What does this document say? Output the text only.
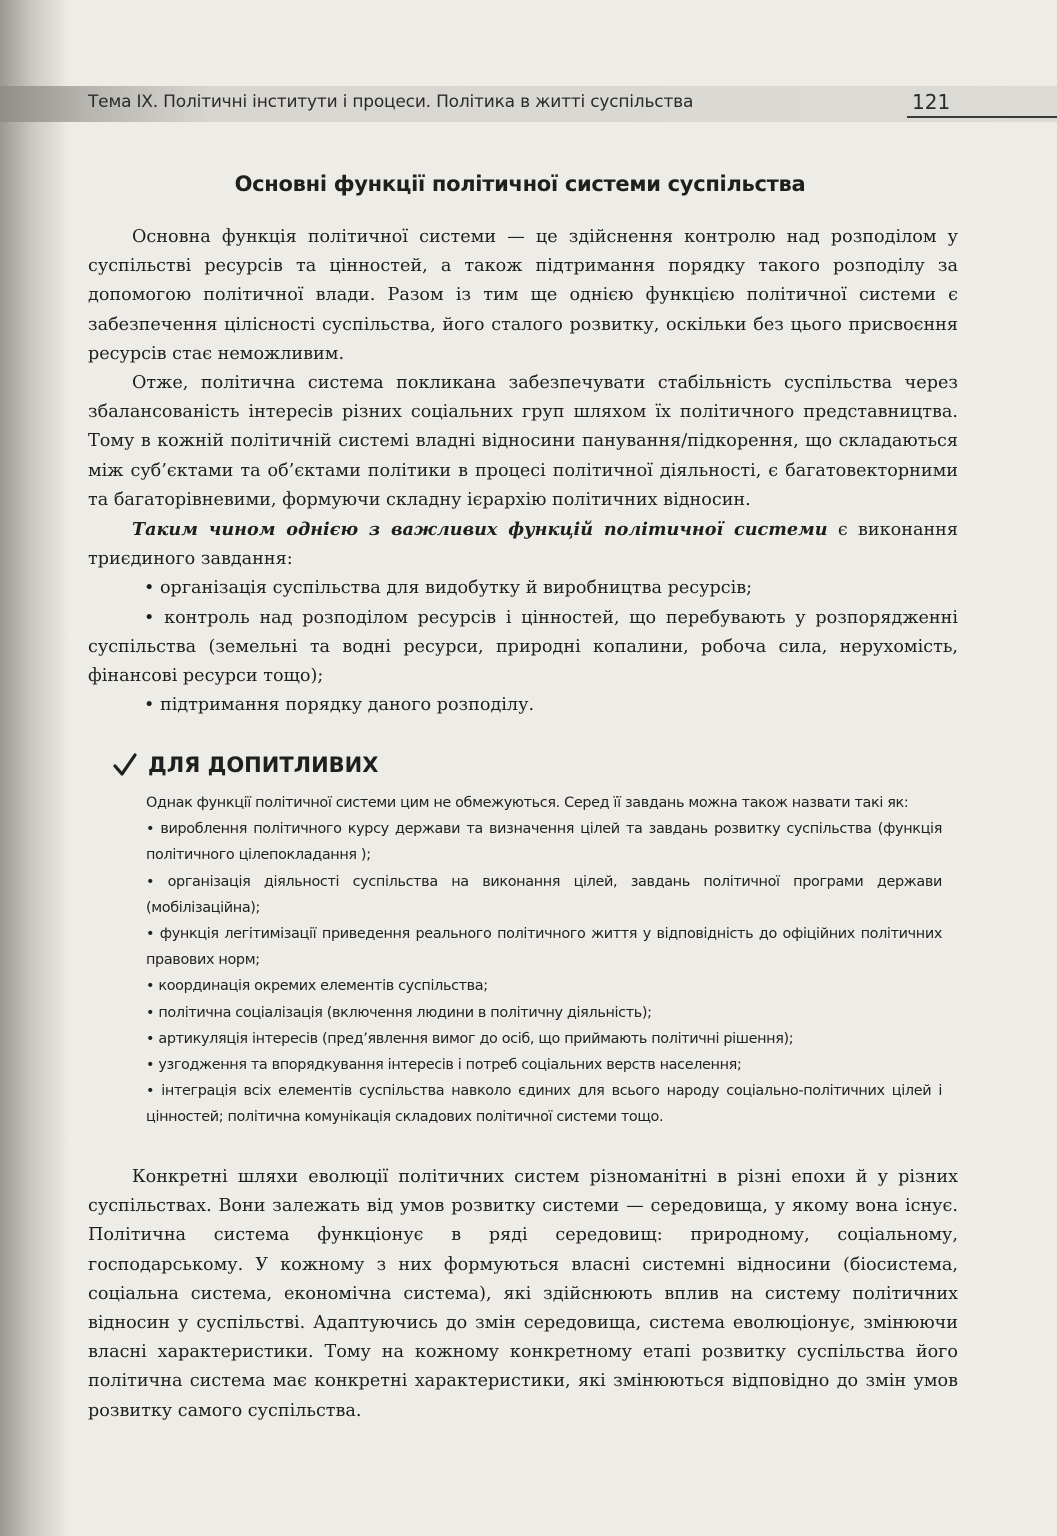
Тема IX. Політичні інститути і процеси. Політика в житті суспільства	121
Основні функції політичної системи суспільства

Основна функція політичної системи — це здійснення контролю над розподілом у суспільстві ресурсів та цінностей, а також підтримання порядку такого розподілу за допомогою політичної влади. Разом із тим ще однією функцією політичної системи є забезпечення цілісності суспільства, його сталого розвитку, оскільки без цього присвоєння ресурсів стає неможливим.

Отже, політична система покликана забезпечувати стабільність суспільства через збалансованість інтересів різних соціальних груп шляхом їх політичного представництва. Тому в кожній політичній системі владні відносини панування/підкорення, що складаються між суб’єктами та об’єктами політики в процесі політичної діяльності, є багатовекторними та багаторівневими, формуючи складну ієрархію політичних відносин.

Таким чином однією з важливих функцій політичної системи є виконання триєдиного завдання:

• організація суспільства для видобутку й виробництва ресурсів;

• контроль над розподілом ресурсів і цінностей, що перебувають у розпорядженні суспільства (земельні та водні ресурси, природні копалини, робоча сила, нерухомість, фінансові ресурси тощо);

• підтримання порядку даного розподілу.

ДЛЯ ДОПИТЛИВИХ

Однак функції політичної системи цим не обмежуються. Серед її завдань можна також назвати такі як:

• вироблення політичного курсу держави та визначення цілей та завдань розвитку суспільства (функція політичного цілепокладання );

• організація діяльності суспільства на виконання цілей, завдань політичної програми держави (мобілізаційна);

• функція легітимізації приведення реального політичного життя у відповідність до офіційних політичних правових норм;

• координація окремих елементів суспільства;

• політична соціалізація (включення людини в політичну діяльність);

• артикуляція інтересів (пред’явлення вимог до осіб, що приймають політичні рішення);

• узгодження та впорядкування інтересів і потреб соціальних верств населення;

• інтеграція всіх елементів суспільства навколо єдиних для всього народу соціально-політичних цілей і цінностей; політична комунікація складових політичної системи тощо.

Конкретні шляхи еволюції політичних систем різноманітні в різні епохи й у різних суспільствах. Вони залежать від умов розвитку системи — середовища, у якому вона існує. Політична система функціонує в ряді середовищ: природному, соціальному, господарському. У кожному з них формуються власні системні відносини (біосистема, соціальна система, економічна система), які здійснюють вплив на систему політичних відносин у суспільстві. Адаптуючись до змін середовища, система еволюціонує, змінюючи власні характеристики. Тому на кожному конкретному етапі розвитку суспільства його політична система має конкретні характеристики, які змінюються відповідно до змін умов розвитку самого суспільства.
